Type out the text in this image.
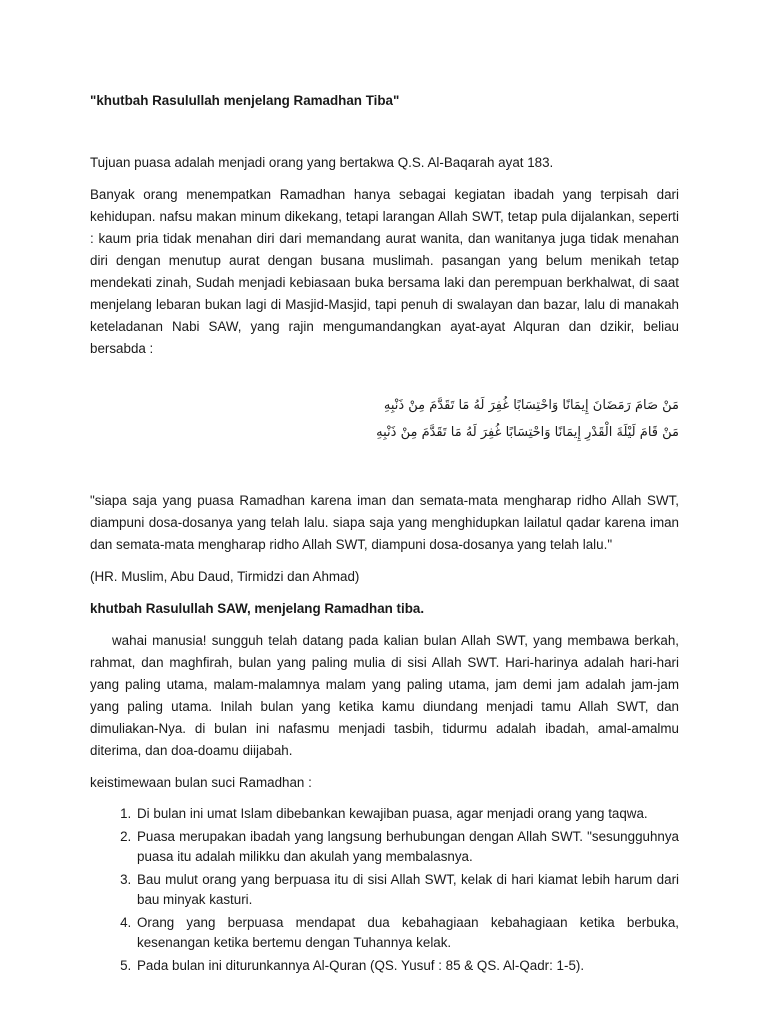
"khutbah Rasulullah menjelang Ramadhan Tiba"

Tujuan puasa adalah menjadi orang yang bertakwa Q.S. Al-Baqarah ayat 183.

Banyak orang menempatkan Ramadhan hanya sebagai kegiatan ibadah yang terpisah dari kehidupan. nafsu makan minum dikekang, tetapi larangan Allah SWT, tetap pula dijalankan, seperti : kaum pria tidak menahan diri dari memandang aurat wanita, dan wanitanya juga tidak menahan diri dengan menutup aurat dengan busana muslimah. pasangan yang belum menikah tetap mendekati zinah, Sudah menjadi kebiasaan buka bersama laki dan perempuan berkhalwat, di saat menjelang lebaran bukan lagi di Masjid-Masjid, tapi penuh di swalayan dan bazar, lalu di manakah keteladanan Nabi SAW, yang rajin mengumandangkan ayat-ayat Alquran dan dzikir, beliau bersabda :

مَنْ صَامَ رَمَضَانَ إِيمَانًا وَاحْتِسَابًا غُفِرَ لَهُ مَا تَقَدَّمَ مِنْ ذَنْبِهِ
مَنْ قَامَ لَيْلَةَ الْقَدْرِ إِيمَانًا وَاحْتِسَابًا غُفِرَ لَهُ مَا تَقَدَّمَ مِنْ ذَنْبِهِ

"siapa saja yang puasa Ramadhan karena iman dan semata-mata mengharap ridho Allah SWT, diampuni dosa-dosanya yang telah lalu. siapa saja yang menghidupkan lailatul qadar karena iman dan semata-mata mengharap ridho Allah SWT, diampuni dosa-dosanya yang telah lalu."

(HR. Muslim, Abu Daud, Tirmidzi dan Ahmad)

khutbah Rasulullah SAW, menjelang Ramadhan tiba.

wahai manusia! sungguh telah datang pada kalian bulan Allah SWT, yang membawa berkah, rahmat, dan maghfirah, bulan yang paling mulia di sisi Allah SWT. Hari-harinya adalah hari-hari yang paling utama, malam-malamnya malam yang paling utama, jam demi jam adalah jam-jam yang paling utama. Inilah bulan yang ketika kamu diundang menjadi tamu Allah SWT, dan dimuliakan-Nya. di bulan ini nafasmu menjadi tasbih, tidurmu adalah ibadah, amal-amalmu diterima, dan doa-doamu diijabah.

keistimewaan bulan suci Ramadhan :

1. Di bulan ini umat Islam dibebankan kewajiban puasa, agar menjadi orang yang taqwa.
2. Puasa merupakan ibadah yang langsung berhubungan dengan Allah SWT. "sesungguhnya puasa itu adalah milikku dan akulah yang membalasnya.
3. Bau mulut orang yang berpuasa itu di sisi Allah SWT, kelak di hari kiamat lebih harum dari bau minyak kasturi.
4. Orang yang berpuasa mendapat dua kebahagiaan kebahagiaan ketika berbuka, kesenangan ketika bertemu dengan Tuhannya kelak.
5. Pada bulan ini diturunkannya Al-Quran (QS. Yusuf : 85 & QS. Al-Qadr: 1-5).
